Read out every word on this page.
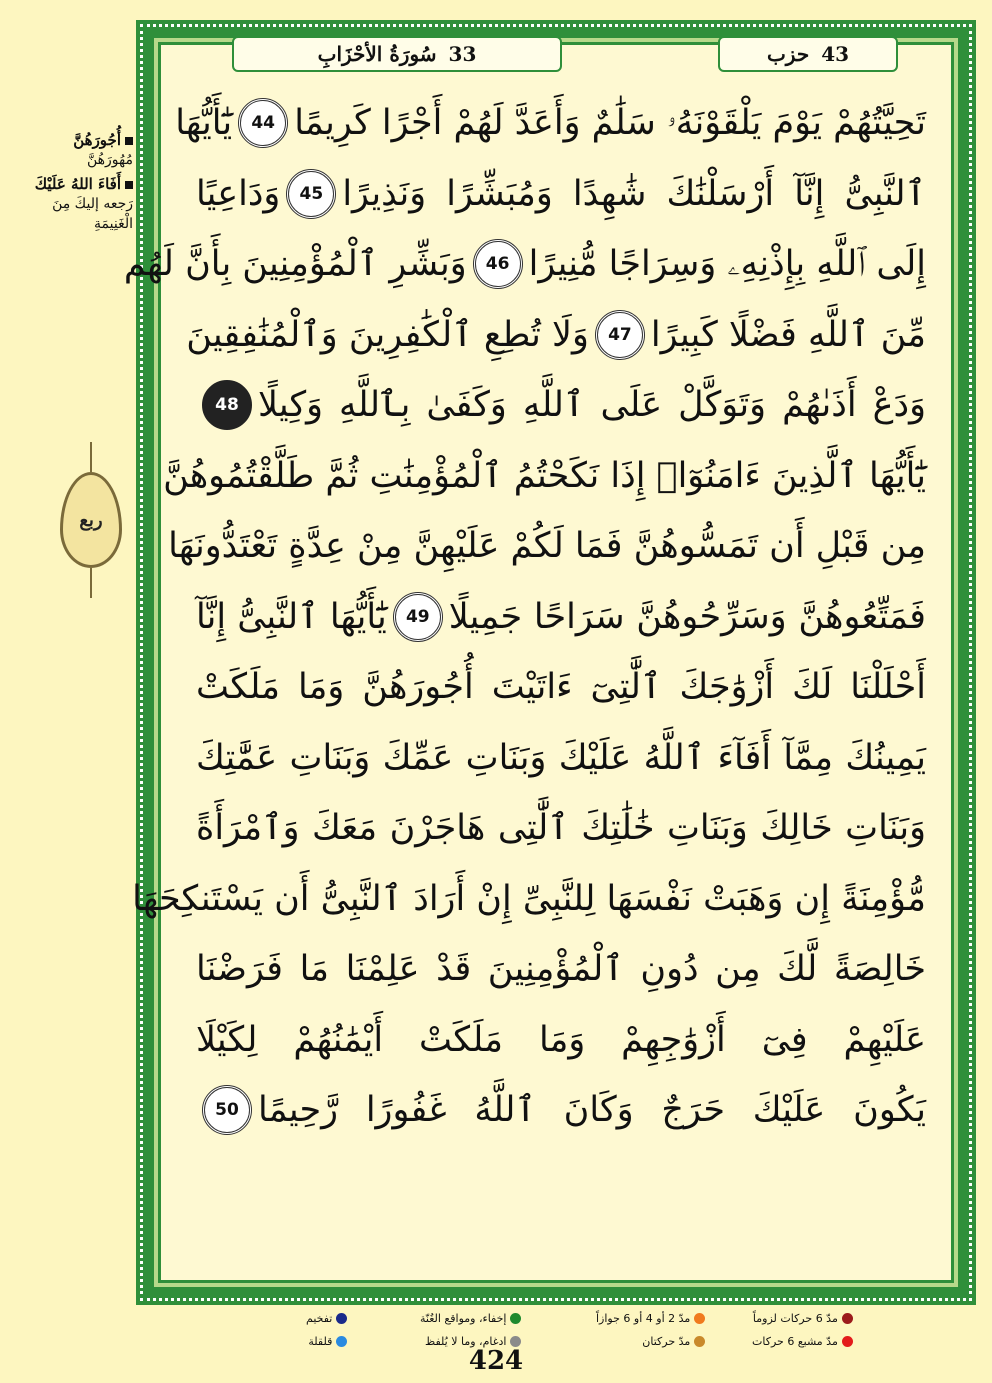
سُورَةُ الأحْزَابِ 33	حزب 43
تَحِيَّتُهُمْ يَوْمَ يَلْقَوْنَهُۥ سَلَٰمٌ وَأَعَدَّ لَهُمْ أَجْرًا كَرِيمًا
44
يَٰٓأَيُّهَا
ٱلنَّبِىُّ إِنَّآ أَرْسَلْنَٰكَ شَٰهِدًا وَمُبَشِّرًا وَنَذِيرًا
45
وَدَاعِيًا
إِلَى ٱللَّهِ بِإِذْنِهِۦ وَسِرَاجًا مُّنِيرًا
46
وَبَشِّرِ ٱلْمُؤْمِنِينَ بِأَنَّ لَهُم
مِّنَ ٱللَّهِ فَضْلًا كَبِيرًا
47
وَلَا تُطِعِ ٱلْكَٰفِرِينَ وَٱلْمُنَٰفِقِينَ
وَدَعْ أَذَىٰهُمْ وَتَوَكَّلْ عَلَى ٱللَّهِ وَكَفَىٰ بِٱللَّهِ وَكِيلًا
48
يَٰٓأَيُّهَا ٱلَّذِينَ ءَامَنُوٓا۟ إِذَا نَكَحْتُمُ ٱلْمُؤْمِنَٰتِ ثُمَّ طَلَّقْتُمُوهُنَّ
مِن قَبْلِ أَن تَمَسُّوهُنَّ فَمَا لَكُمْ عَلَيْهِنَّ مِنْ عِدَّةٍ تَعْتَدُّونَهَا
فَمَتِّعُوهُنَّ وَسَرِّحُوهُنَّ سَرَاحًا جَمِيلًا
49
يَٰٓأَيُّهَا ٱلنَّبِىُّ إِنَّآ
أَحْلَلْنَا لَكَ أَزْوَٰجَكَ ٱلَّٰتِىٓ ءَاتَيْتَ أُجُورَهُنَّ وَمَا مَلَكَتْ
يَمِينُكَ مِمَّآ أَفَآءَ ٱللَّهُ عَلَيْكَ وَبَنَاتِ عَمِّكَ وَبَنَاتِ عَمَّٰتِكَ
وَبَنَاتِ خَالِكَ وَبَنَاتِ خَٰلَٰتِكَ ٱلَّٰتِى هَاجَرْنَ مَعَكَ وَٱمْرَأَةً
مُّؤْمِنَةً إِن وَهَبَتْ نَفْسَهَا لِلنَّبِىِّ إِنْ أَرَادَ ٱلنَّبِىُّ أَن يَسْتَنكِحَهَا
خَالِصَةً لَّكَ مِن دُونِ ٱلْمُؤْمِنِينَ قَدْ عَلِمْنَا مَا فَرَضْنَا
عَلَيْهِمْ فِىٓ أَزْوَٰجِهِمْ وَمَا مَلَكَتْ أَيْمَٰنُهُمْ لِكَيْلَا
يَكُونَ عَلَيْكَ حَرَجٌ وَكَانَ ٱللَّهُ غَفُورًا رَّحِيمًا
50
أُجُورَهُنَّ
مُهُورَهُنَّ
أَفَاءَ اللهُ عَلَيْكَ
رَجعه إليكَ مِنَ الْغَنِيمَةِ
ربع
مدّ 6 حركات لزوماً
مدّ مشبع 6 حركات
مدّ 2 أو 4 أو 6 جوازاً
مدّ حركتان
إخفاء، ومواقع الغُنّة
ادغام، وما لا يُلفظ
تفخيم
قلقلة
424
